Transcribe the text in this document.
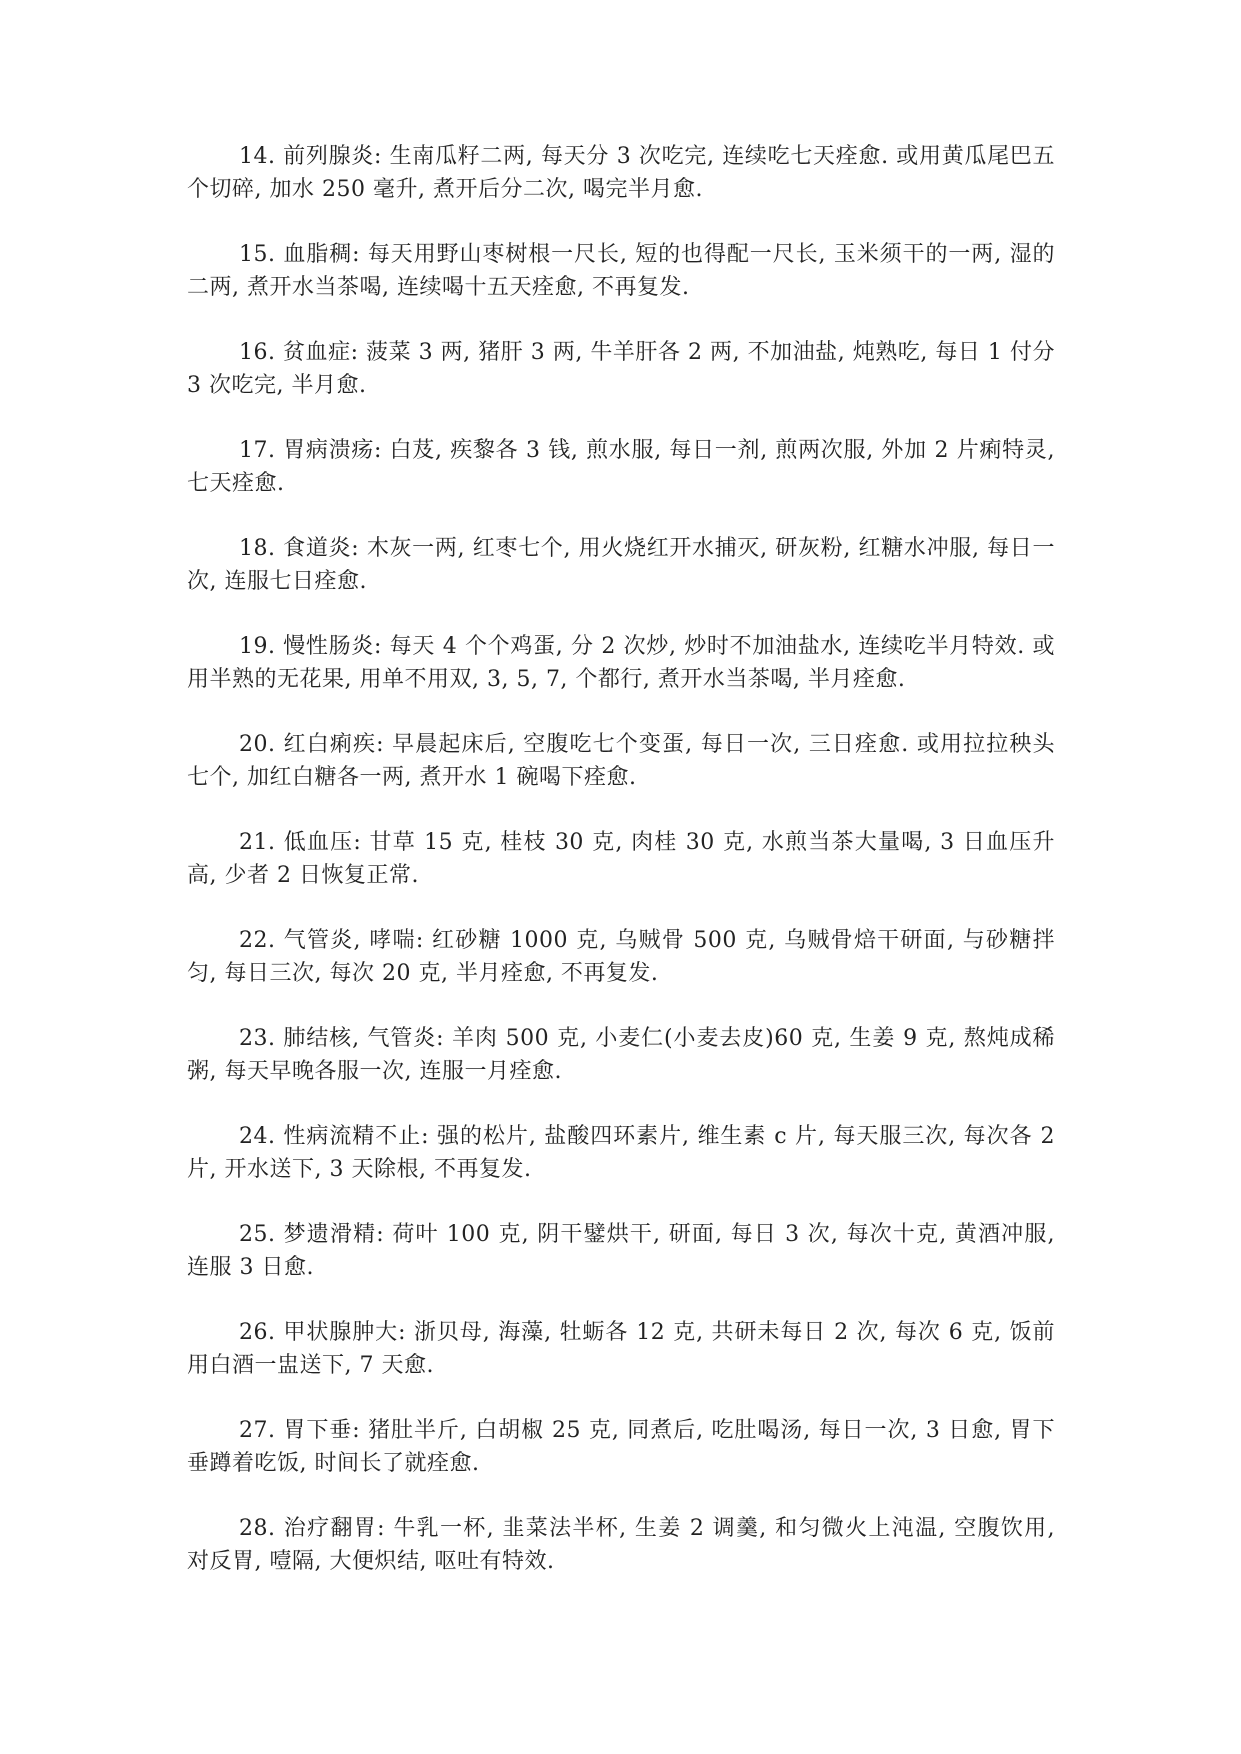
14. 前列腺炎: 生南瓜籽二两, 每天分 3 次吃完, 连续吃七天痊愈. 或用黄瓜尾巴五个切碎, 加水 250 毫升, 煮开后分二次, 喝完半月愈.

15. 血脂稠: 每天用野山枣树根一尺长, 短的也得配一尺长, 玉米须干的一两, 湿的二两, 煮开水当茶喝, 连续喝十五天痊愈, 不再复发.

16. 贫血症: 菠菜 3 两, 猪肝 3 两, 牛羊肝各 2 两, 不加油盐, 炖熟吃, 每日 1 付分 3 次吃完, 半月愈.

17. 胃病溃疡: 白芨, 疾黎各 3 钱, 煎水服, 每日一剂, 煎两次服, 外加 2 片痢特灵, 七天痊愈.

18. 食道炎: 木灰一两, 红枣七个, 用火烧红开水捕灭, 研灰粉, 红糖水冲服, 每日一次, 连服七日痊愈.

19. 慢性肠炎: 每天 4 个个鸡蛋, 分 2 次炒, 炒时不加油盐水, 连续吃半月特效. 或用半熟的无花果, 用单不用双, 3, 5, 7, 个都行, 煮开水当茶喝, 半月痊愈.

20. 红白痢疾: 早晨起床后, 空腹吃七个变蛋, 每日一次, 三日痊愈. 或用拉拉秧头七个, 加红白糖各一两, 煮开水 1 碗喝下痊愈.

21. 低血压: 甘草 15 克, 桂枝 30 克, 肉桂 30 克, 水煎当茶大量喝, 3 日血压升高, 少者 2 日恢复正常.

22. 气管炎, 哮喘: 红砂糖 1000 克, 乌贼骨 500 克, 乌贼骨焙干研面, 与砂糖拌匀, 每日三次, 每次 20 克, 半月痊愈, 不再复发.

23. 肺结核, 气管炎: 羊肉 500 克, 小麦仁(小麦去皮)60 克, 生姜 9 克, 熬炖成稀粥, 每天早晚各服一次, 连服一月痊愈.

24. 性病流精不止: 强的松片, 盐酸四环素片, 维生素 c 片, 每天服三次, 每次各 2 片, 开水送下, 3 天除根, 不再复发.

25. 梦遗滑精: 荷叶 100 克, 阴干鐾烘干, 研面, 每日 3 次, 每次十克, 黄酒冲服, 连服 3 日愈.

26. 甲状腺肿大: 浙贝母, 海藻, 牡蛎各 12 克, 共研未每日 2 次, 每次 6 克, 饭前用白酒一盅送下, 7 天愈.

27. 胃下垂: 猪肚半斤, 白胡椒 25 克, 同煮后, 吃肚喝汤, 每日一次, 3 日愈, 胃下垂蹲着吃饭, 时间长了就痊愈.

28. 治疗翻胃: 牛乳一杯, 韭菜法半杯, 生姜 2 调羹, 和匀微火上沌温, 空腹饮用, 对反胃, 噎隔, 大便炽结, 呕吐有特效.
